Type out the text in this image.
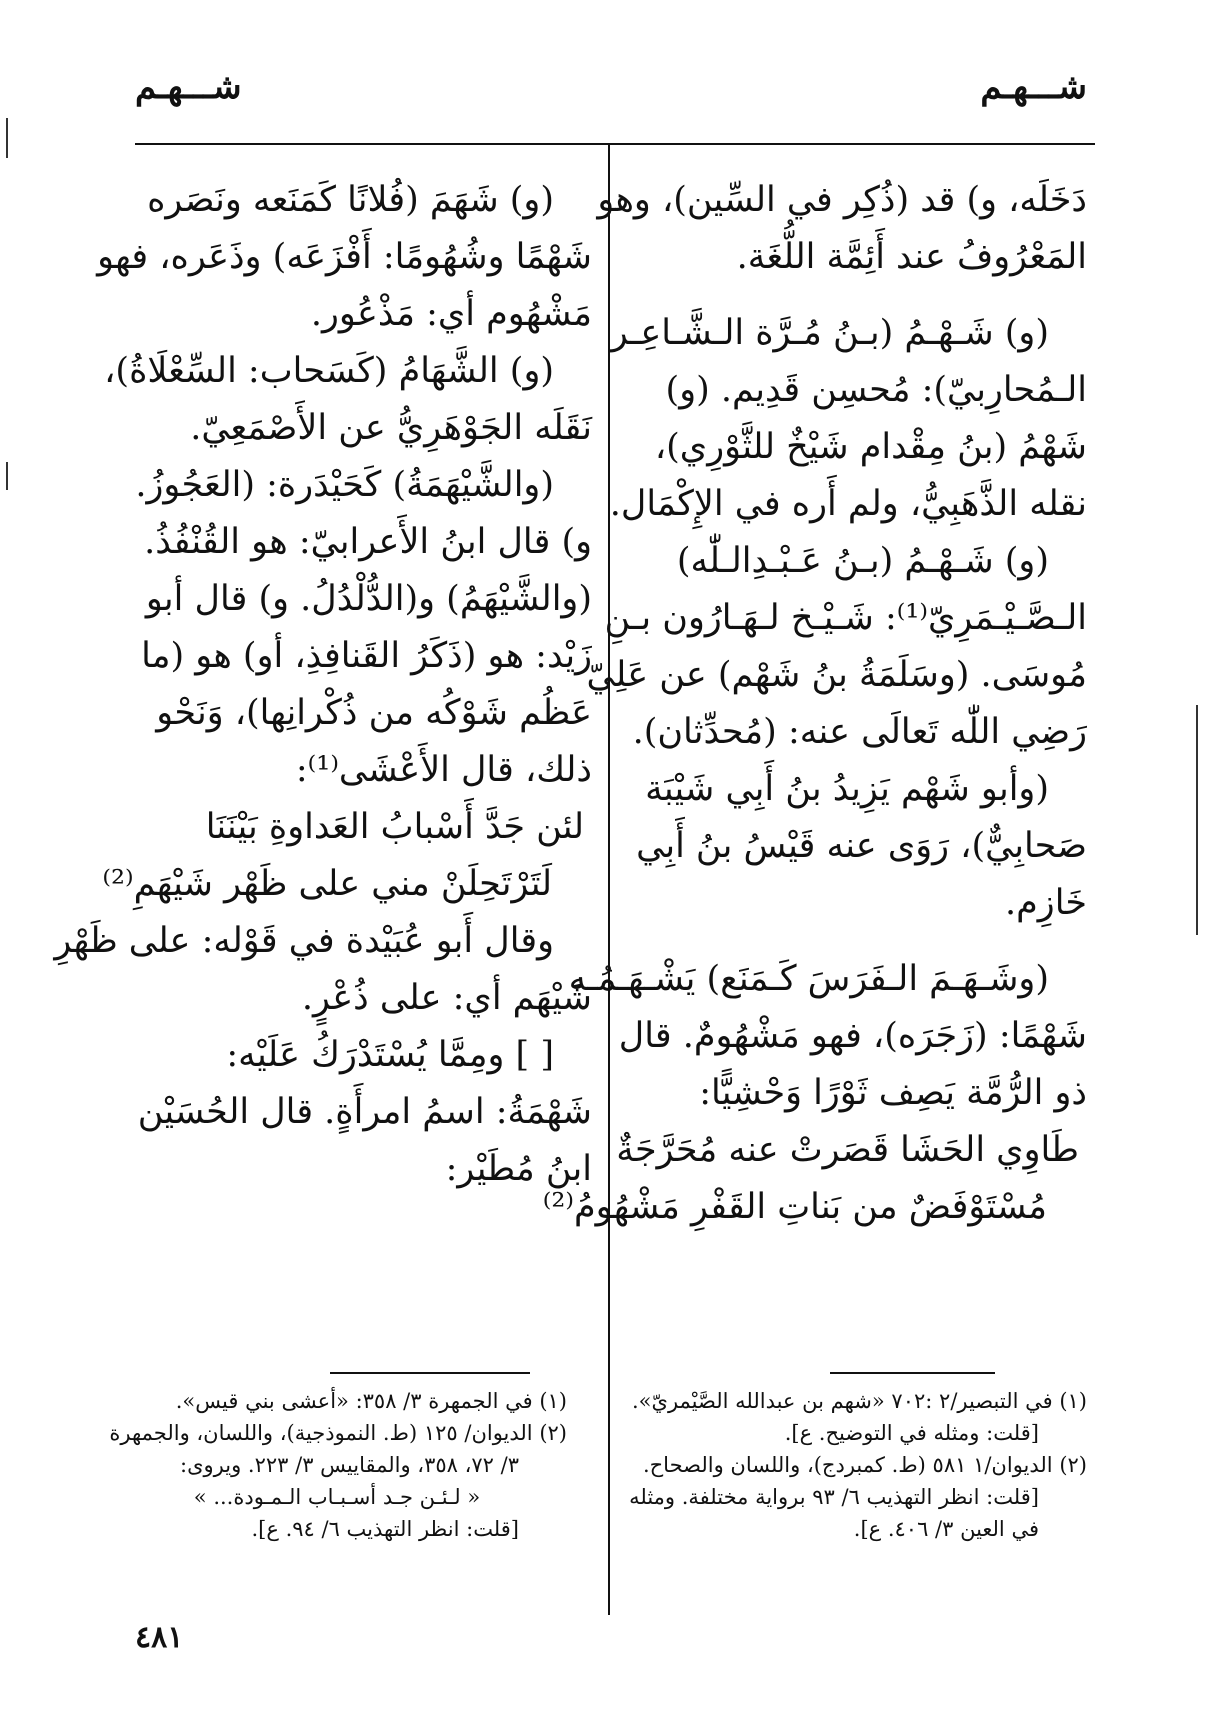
شـــهـم
شـــهـم
دَخَلَه، و) قد (ذُكِر في السِّين)، وهو
المَعْرُوفُ عند أَئِمَّة اللُّغَة.
(و) شَـهْـمُ (بـنُ مُـرَّة الـشَّـاعِـر
الـمُحارِبيّ): مُحسِن قَدِيم. (و)
شَهْمُ (بنُ مِقْدام شَيْخٌ للثَّوْرِي)،
نقله الذَّهَبِيُّ، ولم أَره في الإِكْمَال.
(و) شَـهْـمُ (بـنُ عَـبْـدِالـلّٰه)
الـصَّـيْـمَرِيّ⁽¹⁾: شَـيْـخ لـهَـارُون بـنِ
مُوسَى. (وسَلَمَةُ بنُ شَهْم) عن عَلِيّ
رَضِي اللّٰه تَعالَى عنه: (مُحدِّثان).
(وأبو شَهْم يَزِيدُ بنُ أَبِي شَيْبَة
صَحابِيٌّ)، رَوَى عنه قَيْسُ بنُ أَبِي
خَازِم.
(وشَـهَـمَ الـفَرَسَ كَـمَنَع) يَشْـهَـمُـه
شَهْمًا: (زَجَرَه)، فهو مَشْهُومٌ. قال
ذو الرُّمَّة يَصِف ثَوْرًا وَحْشِيًّا:
طَاوِي الحَشَا قَصَرتْ عنه مُحَرَّجَةٌ
مُسْتَوْفَضٌ من بَناتِ القَفْرِ مَشْهُومُ⁽²⁾
(و) شَهَمَ (فُلانًا كَمَنَعه ونَصَره
شَهْمًا وشُهُومًا: أَفْزَعَه) وذَعَره، فهو
مَشْهُوم أي: مَذْعُور.
(و) الشَّهَامُ (كَسَحاب: السِّعْلَاةُ)،
نَقَلَه الجَوْهَرِيُّ عن الأَصْمَعِيّ.
(والشَّيْهَمَةُ) كَحَيْدَرة: (العَجُوزُ.
و) قال ابنُ الأَعرابيّ: هو القُنْفُذُ.
(والشَّيْهَمُ) و(الدُّلْدُلُ. و) قال أبو
زَيْد: هو (ذَكَرُ القَنافِذِ، أو) هو (ما
عَظُم شَوْكُه من ذُكْرانِها)، وَنَحْو
ذلك، قال الأَعْشَى⁽¹⁾:
لئن جَدَّ أَسْبابُ العَداوةِ بَيْنَنَا
لَتَرْتَحِلَنْ مني على ظَهْر شَيْهَمِ⁽²⁾
وقال أَبو عُبَيْدة في قَوْله: على ظَهْرِ
شَيْهَم أي: على ذُعْرٍ.
[ ] ومِمَّا يُسْتَدْرَكُ عَلَيْه:
شَهْمَةُ: اسمُ امرأَةٍ. قال الحُسَيْن
ابنُ مُطَيْر:
(١) في التبصير/٢ :٧٠٢ «شهم بن عبدالله الصَّيْمريّ».
[قلت: ومثله في التوضيح. ع].
(٢) الديوان/١ ٥٨١ (ط. كمبردج)، واللسان والصحاح.
[قلت: انظر التهذيب ٦/ ٩٣ برواية مختلفة. ومثله
في العين ٣/ ٤٠٦. ع].
(١) في الجمهرة ٣/ ٣٥٨: «أعشى بني قيس».
(٢) الديوان/ ١٢٥ (ط. النموذجية)، واللسان، والجمهرة
٣/ ٧٢، ٣٥٨، والمقاييس ٣/ ٢٢٣. ويروى:
« لـئـن جـد أسـبـاب الـمـودة... »
[قلت: انظر التهذيب ٦/ ٩٤. ع].
٤٨١
